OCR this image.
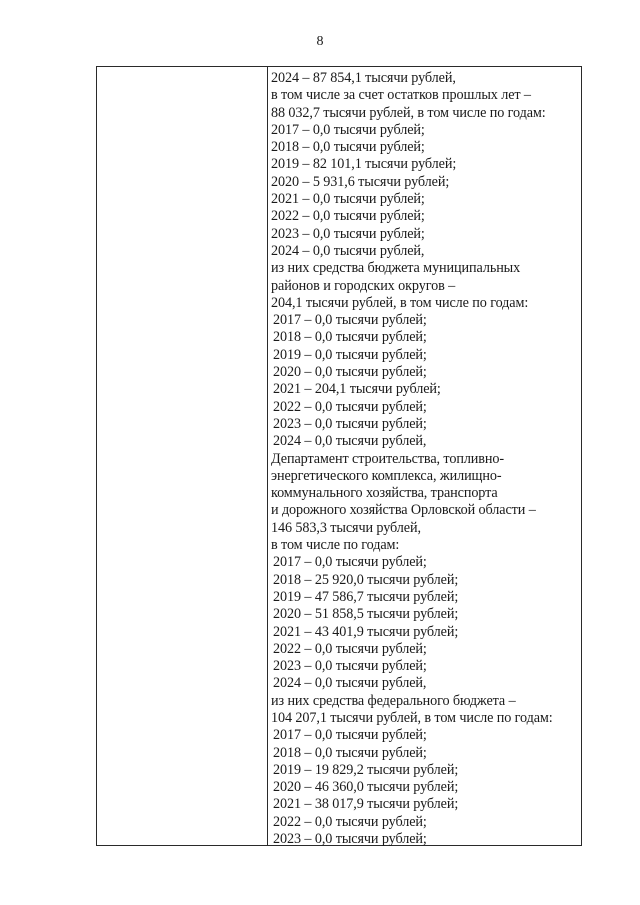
8
2024 – 87 854,1 тысячи рублей,
в том числе за счет остатков прошлых лет –
88 032,7 тысячи рублей, в том числе по годам:
2017 – 0,0 тысячи рублей;
2018 – 0,0 тысячи рублей;
2019 – 82 101,1 тысячи рублей;
2020 – 5 931,6 тысячи рублей;
2021 – 0,0 тысячи рублей;
2022 – 0,0 тысячи рублей;
2023 – 0,0 тысячи рублей;
2024 – 0,0 тысячи рублей,
из них средства бюджета муниципальных
районов и городских округов –
204,1 тысячи рублей, в том числе по годам:
2017 – 0,0 тысячи рублей;
2018 – 0,0 тысячи рублей;
2019 – 0,0 тысячи рублей;
2020 – 0,0 тысячи рублей;
2021 – 204,1 тысячи рублей;
2022 – 0,0 тысячи рублей;
2023 – 0,0 тысячи рублей;
2024 – 0,0 тысячи рублей,
Департамент строительства, топливно-
энергетического комплекса, жилищно-
коммунального хозяйства, транспорта
и дорожного хозяйства Орловской области –
146 583,3 тысячи рублей,
в том числе по годам:
2017 – 0,0 тысячи рублей;
2018 – 25 920,0 тысячи рублей;
2019 – 47 586,7 тысячи рублей;
2020 – 51 858,5 тысячи рублей;
2021 – 43 401,9 тысячи рублей;
2022 – 0,0 тысячи рублей;
2023 – 0,0 тысячи рублей;
2024 – 0,0 тысячи рублей,
из них средства федерального бюджета –
104 207,1 тысячи рублей, в том числе по годам:
2017 – 0,0 тысячи рублей;
2018 – 0,0 тысячи рублей;
2019 – 19 829,2 тысячи рублей;
2020 – 46 360,0 тысячи рублей;
2021 – 38 017,9 тысячи рублей;
2022 – 0,0 тысячи рублей;
2023 – 0,0 тысячи рублей;
